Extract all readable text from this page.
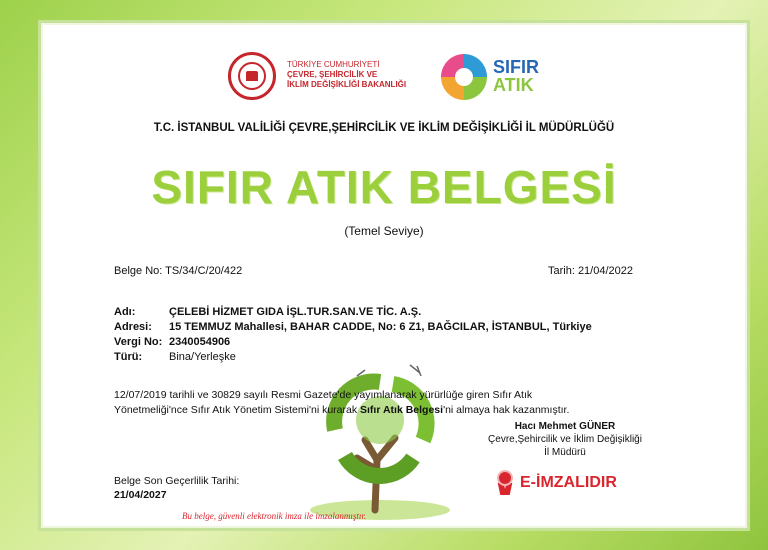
TÜRKİYE CUMHURİYETİ
ÇEVRE, ŞEHİRCİLİK VE
İKLİM DEĞİŞİKLİĞİ BAKANLIĞI
SIFIR
ATIK
T.C. İSTANBUL VALİLİĞİ ÇEVRE,ŞEHİRCİLİK VE İKLİM DEĞİŞİKLİĞİ İL MÜDÜRLÜĞÜ
SIFIR ATIK BELGESİ
(Temel Seviye)
Belge No: TS/34/C/20/422	Tarih: 21/04/2022
Adı:	ÇELEBİ HİZMET GIDA İŞL.TUR.SAN.VE TİC. A.Ş.
Adresi: 15 TEMMUZ Mahallesi, BAHAR CADDE, No: 6 Z1, BAĞCILAR, İSTANBUL, Türkiye
Vergi No: 2340054906
Türü: Bina/Yerleşke
12/07/2019 tarihli ve 30829 sayılı Resmi Gazete'de yayımlanarak yürürlüğe giren Sıfır Atık
Yönetmeliği'nce Sıfır Atık Yönetim Sistemi'ni kurarak Sıfır Atık Belgesi'ni almaya hak kazanmıştır.
Hacı Mehmet GÜNER
Çevre,Şehircilik ve İklim Değişikliği
İl Müdürü
E-İMZALIDIR
Belge Son Geçerlilik Tarihi:
21/04/2027
Bu belge, güvenli elektronik imza ile imzalanmıştır.
